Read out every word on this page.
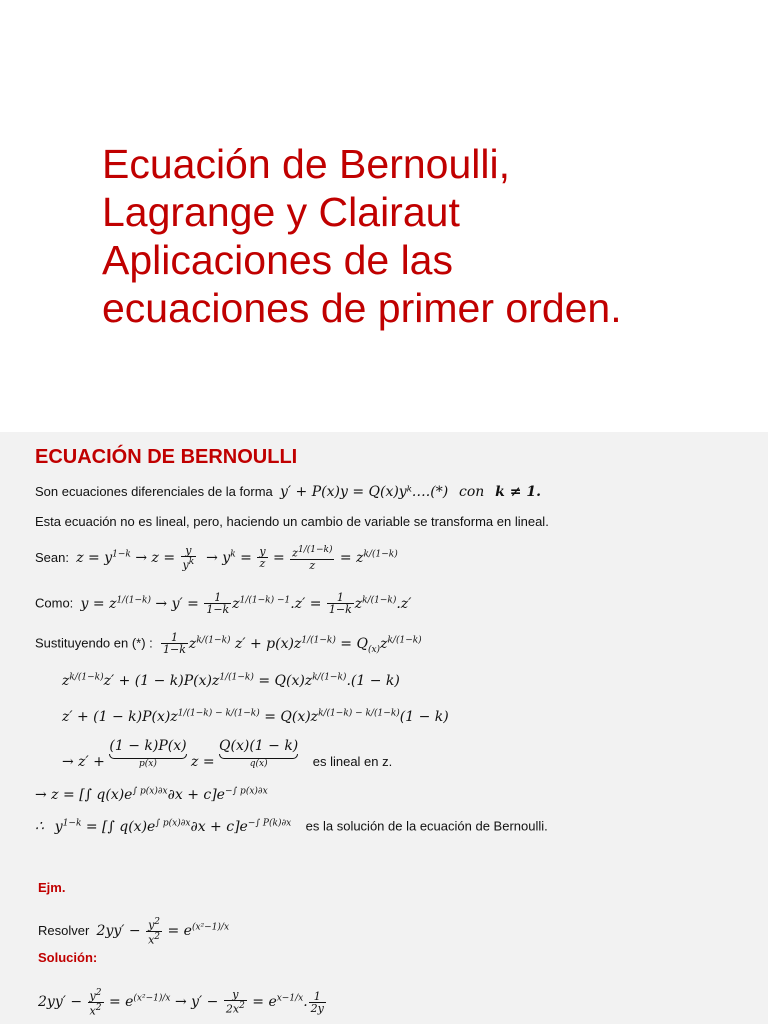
Ecuación de Bernoulli,
Lagrange y Clairaut
Aplicaciones de las
ecuaciones de primer orden.
ECUACIÓN DE BERNOULLI
Son ecuaciones diferenciales de la forma y′ + P(x)y = Q(x)yᵏ….(*) con k ≠ 1.
Esta ecuación no es lineal, pero, haciendo un cambio de variable se transforma en lineal.
Sean: $z = y^{1-k} \to z = \frac{y}{y^k} \to y^k = \frac{y}{z} = \frac{z^{1/(1-k)}}{z} = z^{k/(1-k)}$
Como: $y = z^{1/(1-k)} \to y' = \frac{1}{1-k} z^{1/(1-k) -1}.z' = \frac{1}{1-k} z^{k/(1-k)}.z'$
Sustituyendo en (*) : $\frac{1}{1-k} z^{k/(1-k)}$ $z' + p(x)z^{1/(1-k)} = Q_{(x)}z^{k/(1-k)}$
$z^{k/(1-k)}z' + (1 - k)P(x)z^{1/(1-k)} = Q(x)z^{k/(1-k)}.(1 - k)$
$z' + (1 - k)P(x)z^{1/(1-k) - k/(1-k)} = Q(x)z^{k/(1-k) - k/(1-k)}(1 - k)$
→ z′ + (1 − k)P(x)
p(x)	z = Q(x)(1 − k)
q(x)	es lineal en z.
→ z = [∫ $q(x)e^{\int p(x)\partial x}\partial x + c]e^{-\int p(x)\partial x}$
∴ $y^{1-k}$ = [∫ $q(x)e^{\int p(x)\partial x}\partial x + c]e^{-\int P(k)\partial x}$ es la solución de la ecuación de Bernoulli.
Ejm.
Resolver $2yy' - \frac{y^2}{x^2} = e^{(x^2-1)/x}$
Solución:
$2yy' - \frac{y^2}{x^2} = e^{(x^2-1)/x} \to y' - \frac{y}{2x^2} = e^{x-1/x}$. $\frac{1}{2y}$
